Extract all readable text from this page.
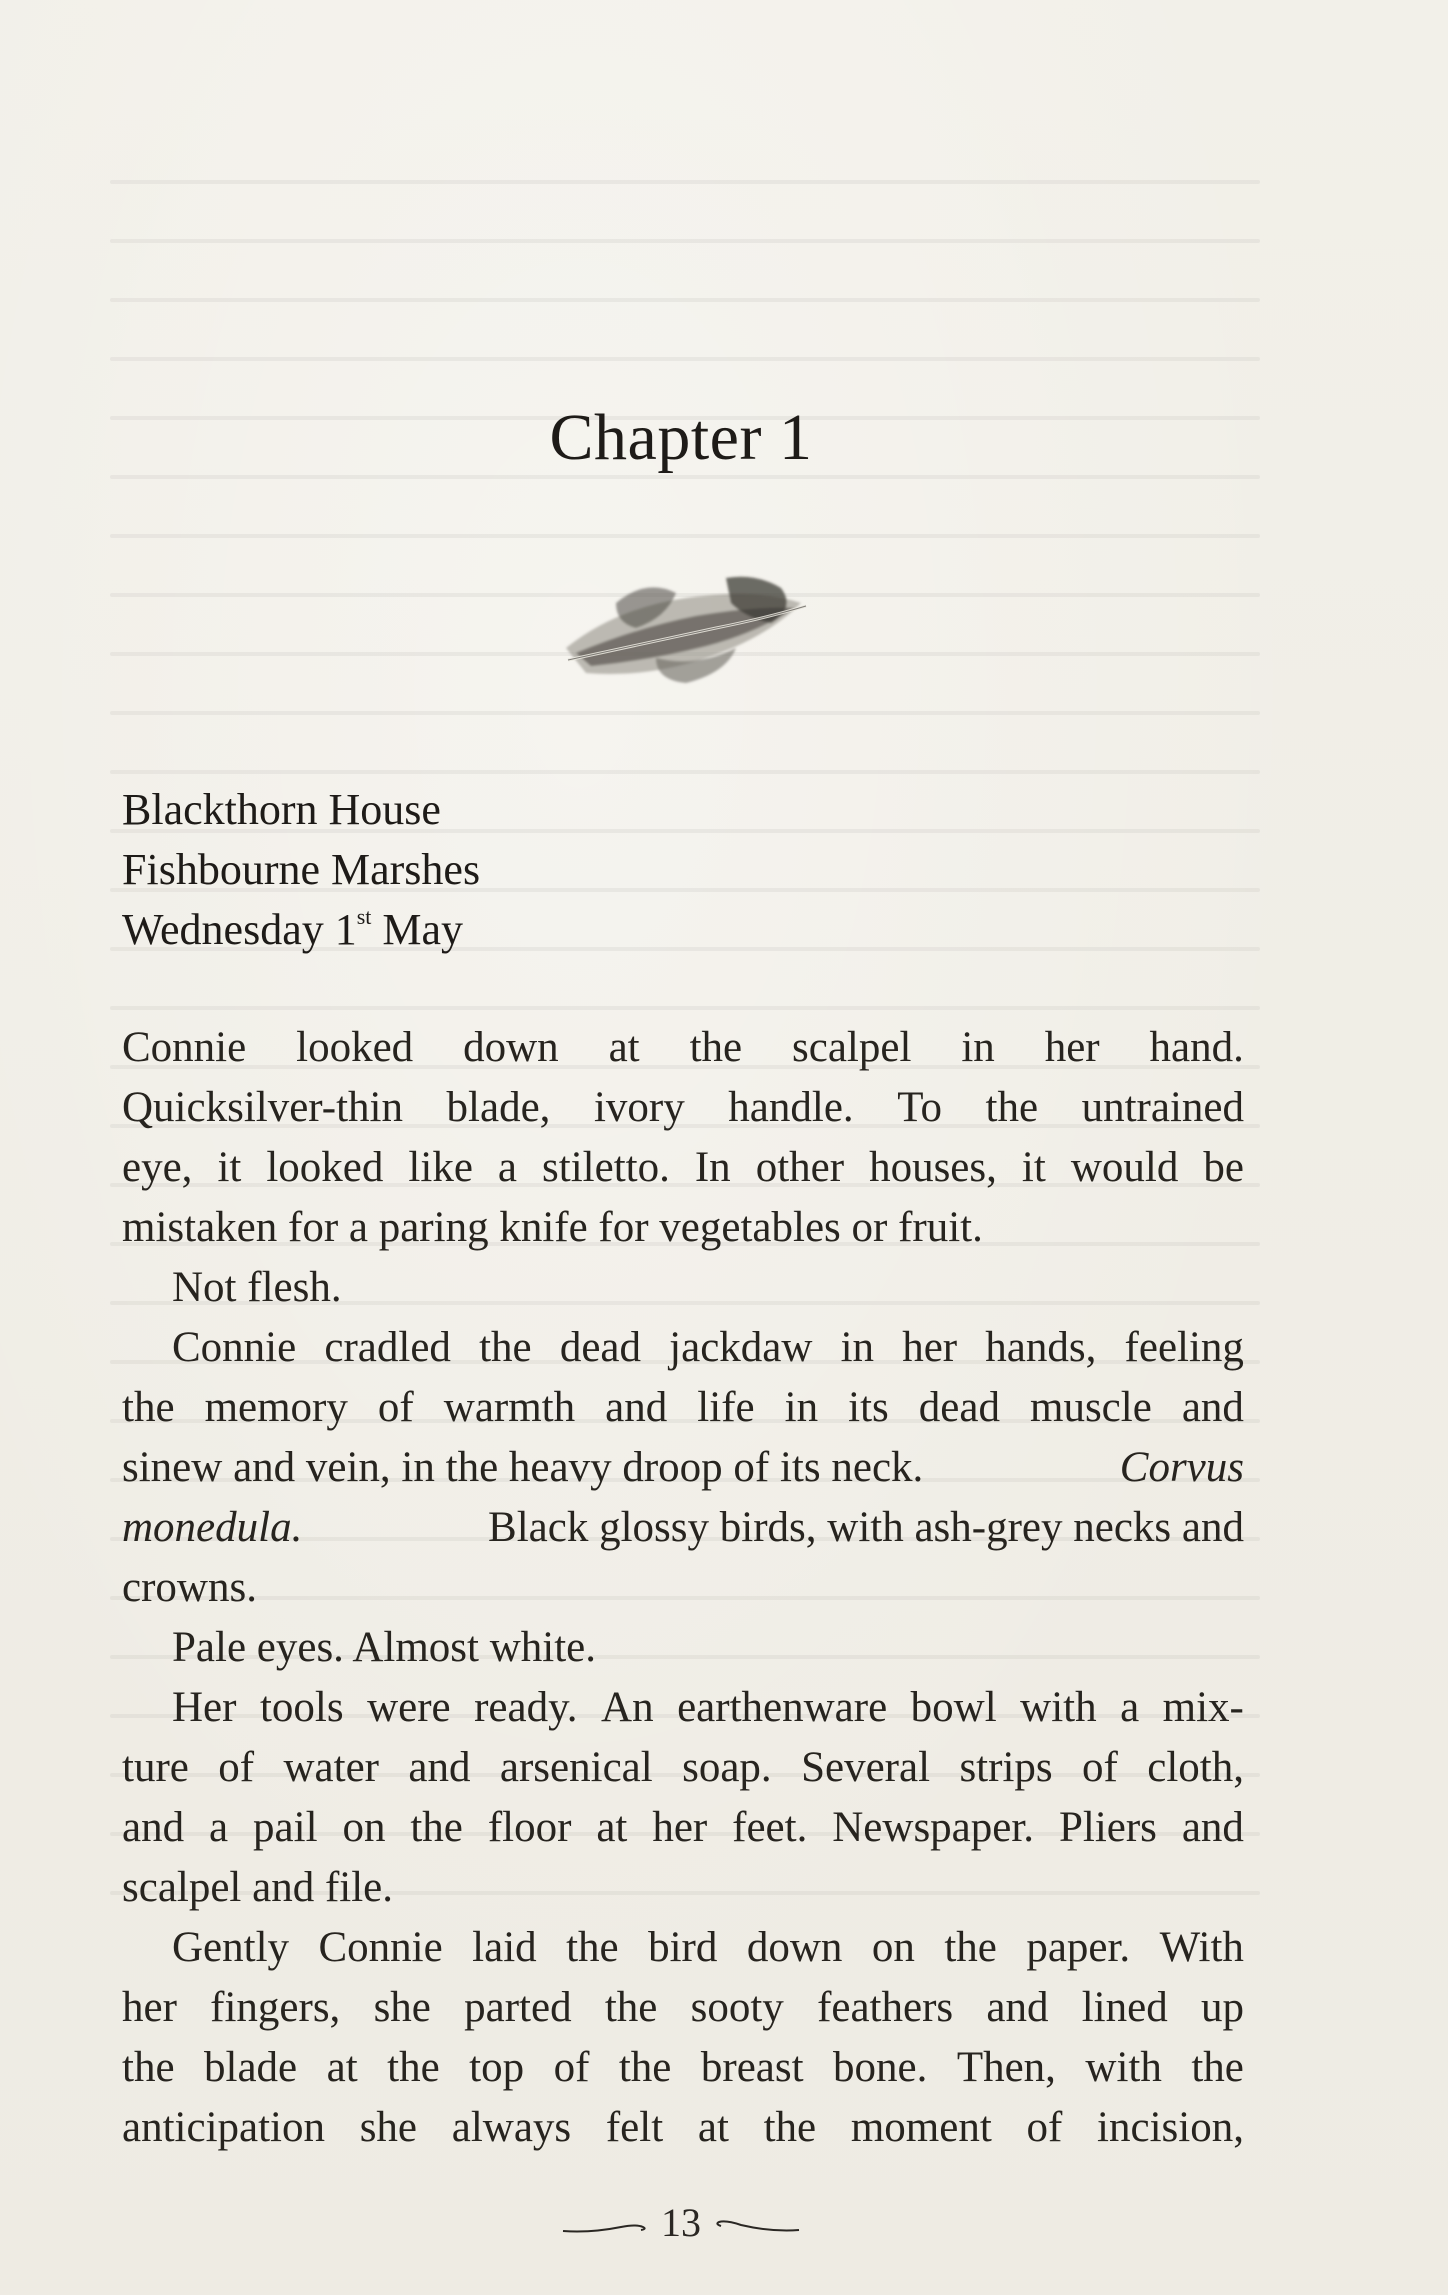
Chapter 1
Blackthorn House
Fishbourne Marshes
Wednesday 1st May
Connie looked down at the scalpel in her hand.
Quicksilver-thin blade, ivory handle. To the untrained
eye, it looked like a stiletto. In other houses, it would be
mistaken for a paring knife for vegetables or fruit.
Not flesh.
Connie cradled the dead jackdaw in her hands, feeling
the memory of warmth and life in its dead muscle and
sinew and vein, in the heavy droop of its neck.	Corvus
monedula.	Black glossy birds, with ash-grey necks and
crowns.
Pale eyes. Almost white.
Her tools were ready. An earthenware bowl with a mix-
ture of water and arsenical soap. Several strips of cloth,
and a pail on the floor at her feet. Newspaper. Pliers and
scalpel and file.
Gently Connie laid the bird down on the paper. With
her fingers, she parted the sooty feathers and lined up
the blade at the top of the breast bone. Then, with the
anticipation she always felt at the moment of incision,
13
